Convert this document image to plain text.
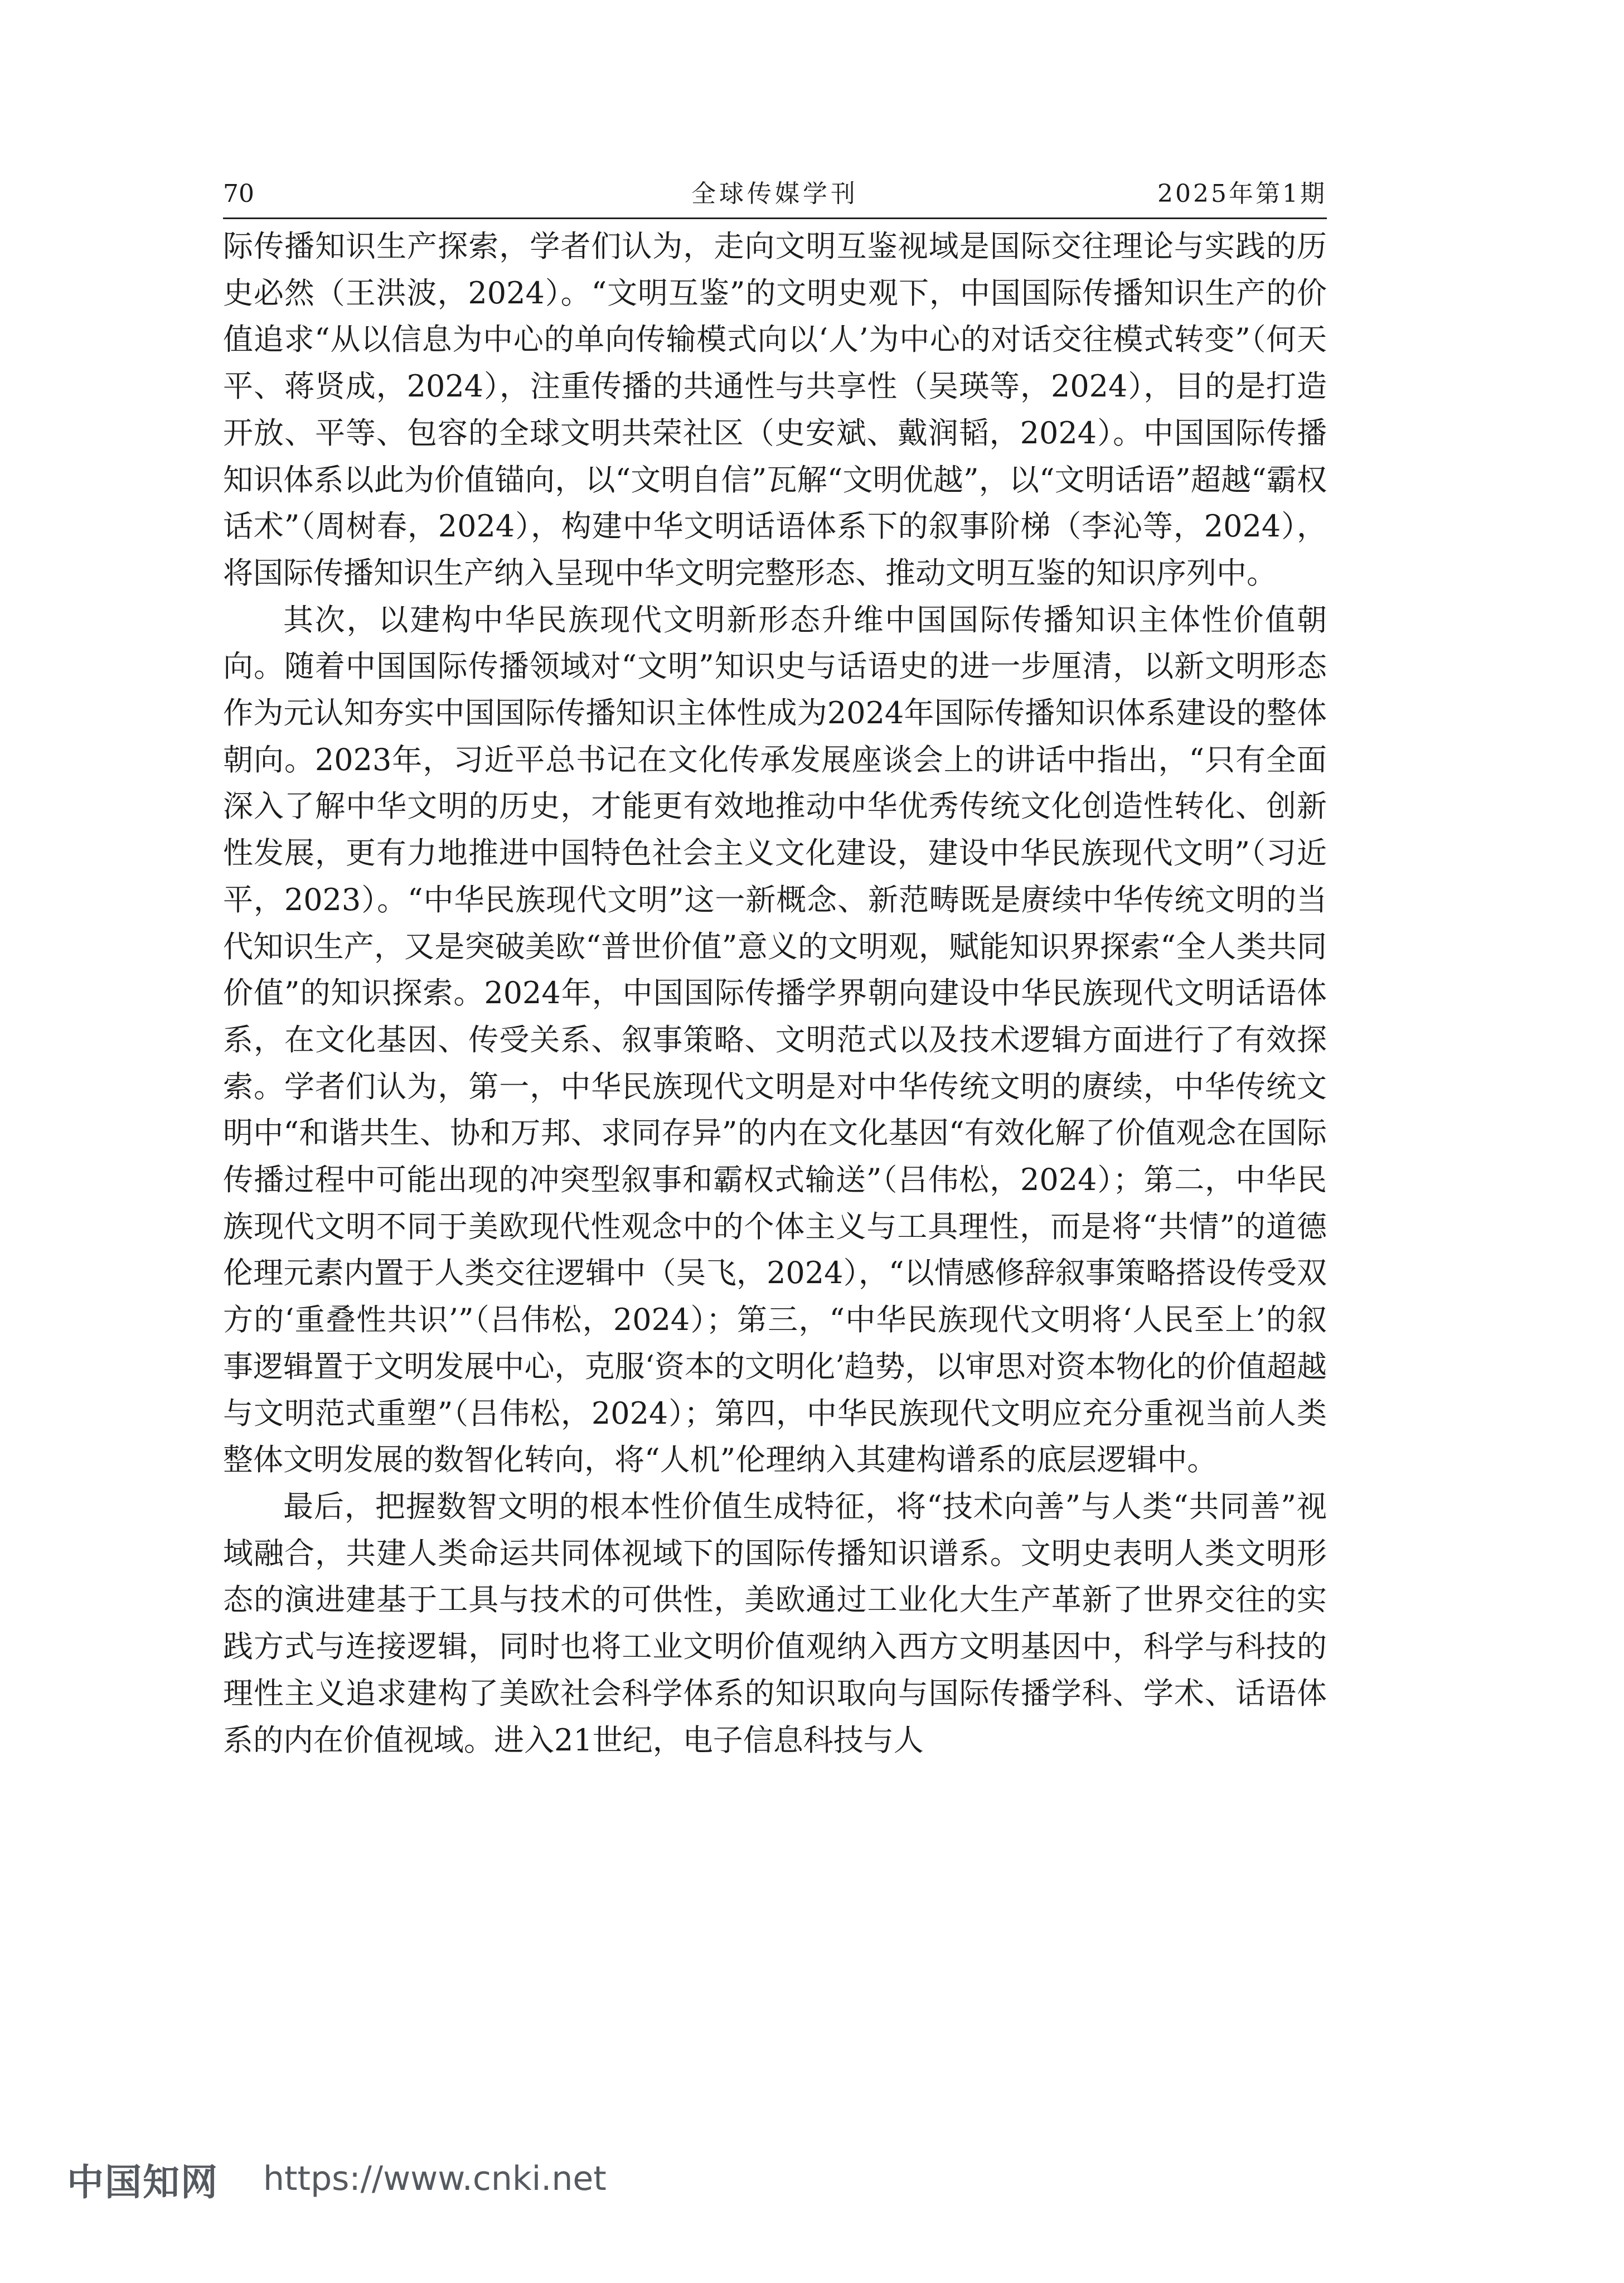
70	全球传媒学刊	2025年第1期

际传播知识生产探索，学者们认为，走向文明互鉴视域是国际交往理论与实践的历史必然（王洪波，2024）。“文明互鉴”的文明史观下，中国国际传播知识生产的价值追求“从以信息为中心的单向传输模式向以‘人’为中心的对话交往模式转变”（何天平、蒋贤成，2024），注重传播的共通性与共享性（吴瑛等，2024），目的是打造开放、平等、包容的全球文明共荣社区（史安斌、戴润韬，2024）。中国国际传播知识体系以此为价值锚向，以“文明自信”瓦解“文明优越”，以“文明话语”超越“霸权话术”（周树春，2024），构建中华文明话语体系下的叙事阶梯（李沁等，2024），将国际传播知识生产纳入呈现中华文明完整形态、推动文明互鉴的知识序列中。

其次，以建构中华民族现代文明新形态升维中国国际传播知识主体性价值朝向。随着中国国际传播领域对“文明”知识史与话语史的进一步厘清，以新文明形态作为元认知夯实中国国际传播知识主体性成为2024年国际传播知识体系建设的整体朝向。2023年，习近平总书记在文化传承发展座谈会上的讲话中指出，“只有全面深入了解中华文明的历史，才能更有效地推动中华优秀传统文化创造性转化、创新性发展，更有力地推进中国特色社会主义文化建设，建设中华民族现代文明”（习近平，2023）。“中华民族现代文明”这一新概念、新范畴既是赓续中华传统文明的当代知识生产，又是突破美欧“普世价值”意义的文明观，赋能知识界探索“全人类共同价值”的知识探索。2024年，中国国际传播学界朝向建设中华民族现代文明话语体系，在文化基因、传受关系、叙事策略、文明范式以及技术逻辑方面进行了有效探索。学者们认为，第一，中华民族现代文明是对中华传统文明的赓续，中华传统文明中“和谐共生、协和万邦、求同存异”的内在文化基因“有效化解了价值观念在国际传播过程中可能出现的冲突型叙事和霸权式输送”（吕伟松，2024）；第二，中华民族现代文明不同于美欧现代性观念中的个体主义与工具理性，而是将“共情”的道德伦理元素内置于人类交往逻辑中（吴飞，2024），“以情感修辞叙事策略搭设传受双方的‘重叠性共识’”（吕伟松，2024）；第三，“中华民族现代文明将‘人民至上’的叙事逻辑置于文明发展中心，克服‘资本的文明化’趋势，以审思对资本物化的价值超越与文明范式重塑”（吕伟松，2024）；第四，中华民族现代文明应充分重视当前人类整体文明发展的数智化转向，将“人机”伦理纳入其建构谱系的底层逻辑中。

最后，把握数智文明的根本性价值生成特征，将“技术向善”与人类“共同善”视域融合，共建人类命运共同体视域下的国际传播知识谱系。文明史表明人类文明形态的演进建基于工具与技术的可供性，美欧通过工业化大生产革新了世界交往的实践方式与连接逻辑，同时也将工业文明价值观纳入西方文明基因中，科学与科技的理性主义追求建构了美欧社会科学体系的知识取向与国际传播学科、学术、话语体系的内在价值视域。进入21世纪，电子信息科技与人

中国知网 https://www.cnki.net
